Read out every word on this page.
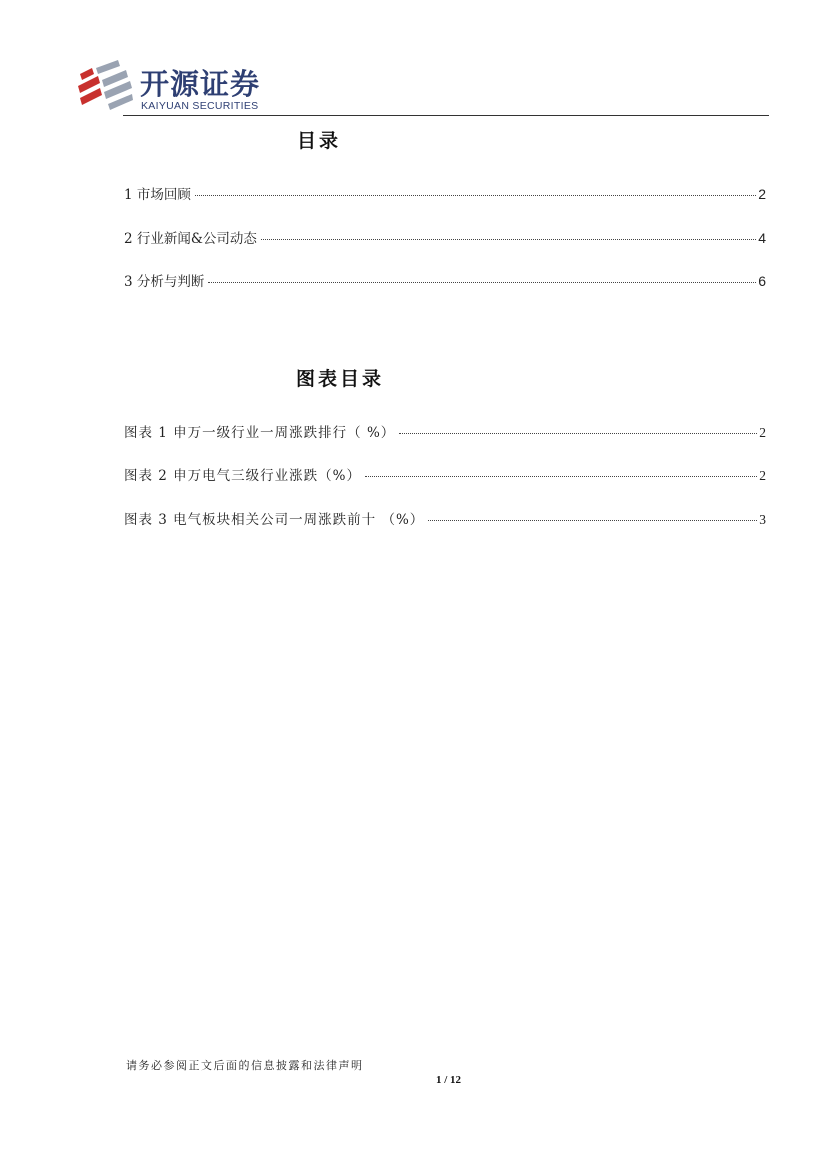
开源证券
KAIYUAN SECURITIES
目录
1 市场回顾	2
2 行业新闻&公司动态	4
3 分析与判断	6
图表目录
图表 1 申万一级行业一周涨跌排行（ %）	2
图表 2 申万电气三级行业涨跌（%）	2
图表 3 电气板块相关公司一周涨跌前十 （%）	3
请务必参阅正文后面的信息披露和法律声明
1 / 12
